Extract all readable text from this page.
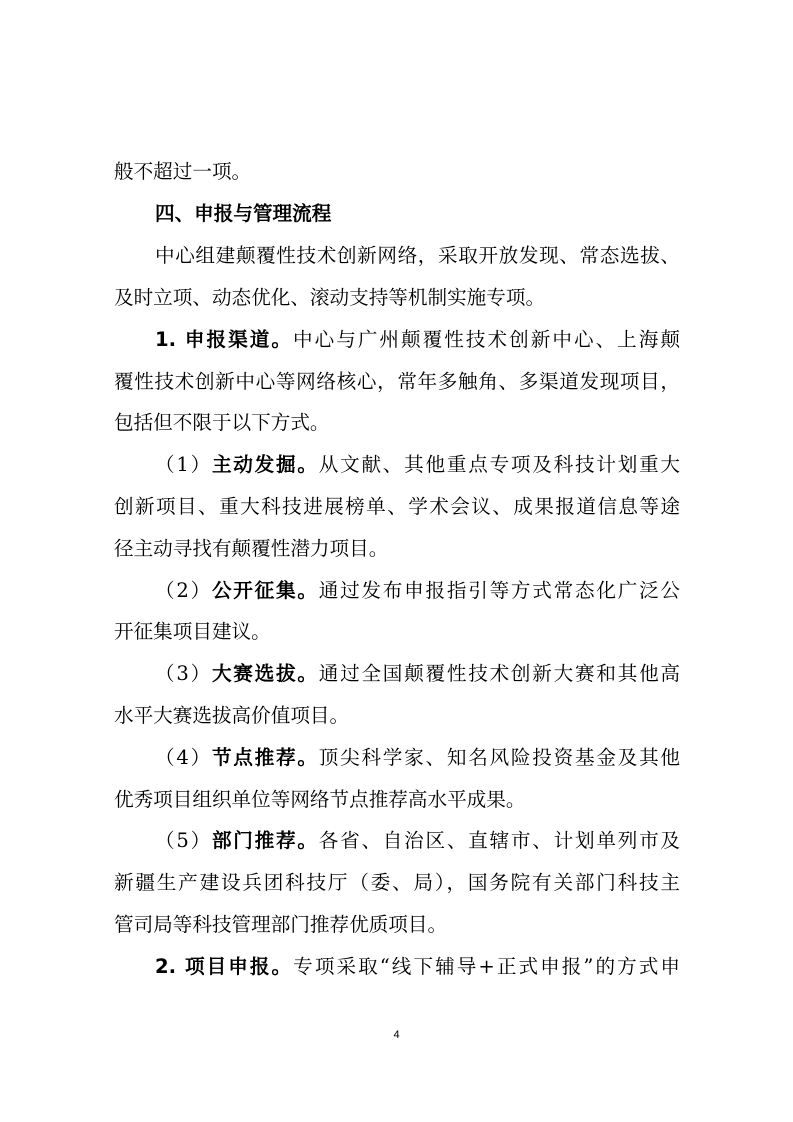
般不超过一项。
四、申报与管理流程
中心组建颠覆性技术创新网络，采取开放发现、常态选拔、
及时立项、动态优化、滚动支持等机制实施专项。
1. 申报渠道。中心与广州颠覆性技术创新中心、上海颠
覆性技术创新中心等网络核心，常年多触角、多渠道发现项目，
包括但不限于以下方式。
（1）主动发掘。从文献、其他重点专项及科技计划重大
创新项目、重大科技进展榜单、学术会议、成果报道信息等途
径主动寻找有颠覆性潜力项目。
（2）公开征集。通过发布申报指引等方式常态化广泛公
开征集项目建议。
（3）大赛选拔。通过全国颠覆性技术创新大赛和其他高
水平大赛选拔高价值项目。
（4）节点推荐。顶尖科学家、知名风险投资基金及其他
优秀项目组织单位等网络节点推荐高水平成果。
（5）部门推荐。各省、自治区、直辖市、计划单列市及
新疆生产建设兵团科技厅（委、局），国务院有关部门科技主
管司局等科技管理部门推荐优质项目。
2. 项目申报。专项采取“线下辅导+正式申报”的方式申
4
